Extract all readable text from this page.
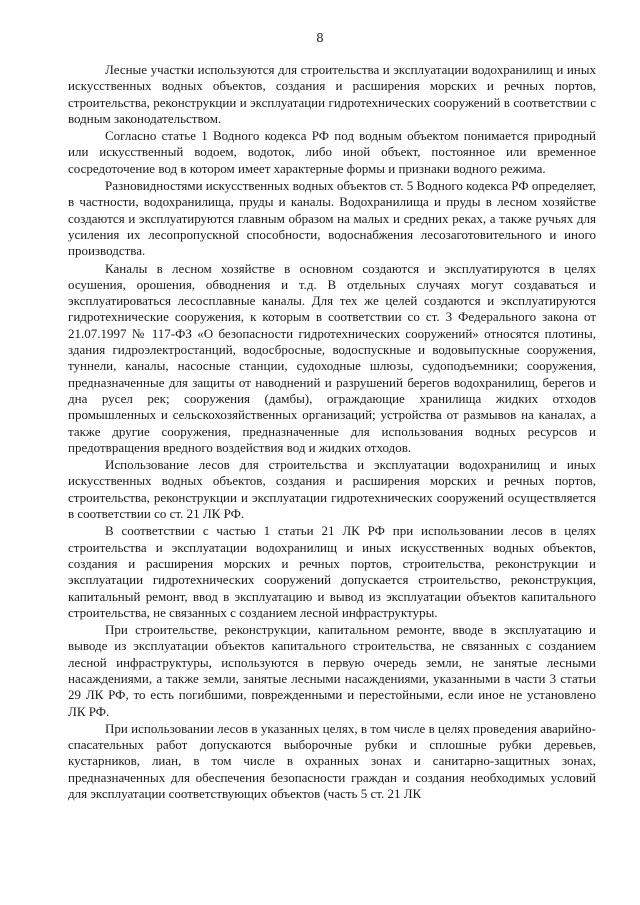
8

Лесные участки используются для строительства и эксплуатации водохранилищ и иных искусственных водных объектов, создания и расширения морских и речных портов, строительства, реконструкции и эксплуатации гидротехнических сооружений в соответствии с водным законодательством.

Согласно статье 1 Водного кодекса РФ под водным объектом понимается природный или искусственный водоем, водоток, либо иной объект, постоянное или временное сосредоточение вод в котором имеет характерные формы и признаки водного режима.

Разновидностями искусственных водных объектов ст. 5 Водного кодекса РФ определяет, в частности, водохранилища, пруды и каналы. Водохранилища и пруды в лесном хозяйстве создаются и эксплуатируются главным образом на малых и средних реках, а также ручьях для усиления их лесопропускной способности, водоснабжения лесозаготовительного и иного производства.

Каналы в лесном хозяйстве в основном создаются и эксплуатируются в целях осушения, орошения, обводнения и т.д. В отдельных случаях могут создаваться и эксплуатироваться лесосплавные каналы. Для тех же целей создаются и эксплуатируются гидротехнические сооружения, к которым в соответствии со ст. 3 Федерального закона от 21.07.1997 № 117-ФЗ «О безопасности гидротехнических сооружений» относятся плотины, здания гидроэлектростанций, водосбросные, водоспускные и водовыпускные сооружения, туннели, каналы, насосные станции, судоходные шлюзы, судоподъемники; сооружения, предназначенные для защиты от наводнений и разрушений берегов водохранилищ, берегов и дна русел рек; сооружения (дамбы), ограждающие хранилища жидких отходов промышленных и сельскохозяйственных организаций; устройства от размывов на каналах, а также другие сооружения, предназначенные для использования водных ресурсов и предотвращения вредного воздействия вод и жидких отходов.

Использование лесов для строительства и эксплуатации водохранилищ и иных искусственных водных объектов, создания и расширения морских и речных портов, строительства, реконструкции и эксплуатации гидротехнических сооружений осуществляется в соответствии со ст. 21 ЛК РФ.

В соответствии с частью 1 статьи 21 ЛК РФ при использовании лесов в целях строительства и эксплуатации водохранилищ и иных искусственных водных объектов, создания и расширения морских и речных портов, строительства, реконструкции и эксплуатации гидротехнических сооружений допускается строительство, реконструкция, капитальный ремонт, ввод в эксплуатацию и вывод из эксплуатации объектов капитального строительства, не связанных с созданием лесной инфраструктуры.

При строительстве, реконструкции, капитальном ремонте, вводе в эксплуатацию и выводе из эксплуатации объектов капитального строительства, не связанных с созданием лесной инфраструктуры, используются в первую очередь земли, не занятые лесными насаждениями, а также земли, занятые лесными насаждениями, указанными в части 3 статьи 29 ЛК РФ, то есть погибшими, поврежденными и перестойными, если иное не установлено ЛК РФ.

При использовании лесов в указанных целях, в том числе в целях проведения аварийно-спасательных работ допускаются выборочные рубки и сплошные рубки деревьев, кустарников, лиан, в том числе в охранных зонах и санитарно-защитных зонах, предназначенных для обеспечения безопасности граждан и создания необходимых условий для эксплуатации соответствующих объектов (часть 5 ст. 21 ЛК
